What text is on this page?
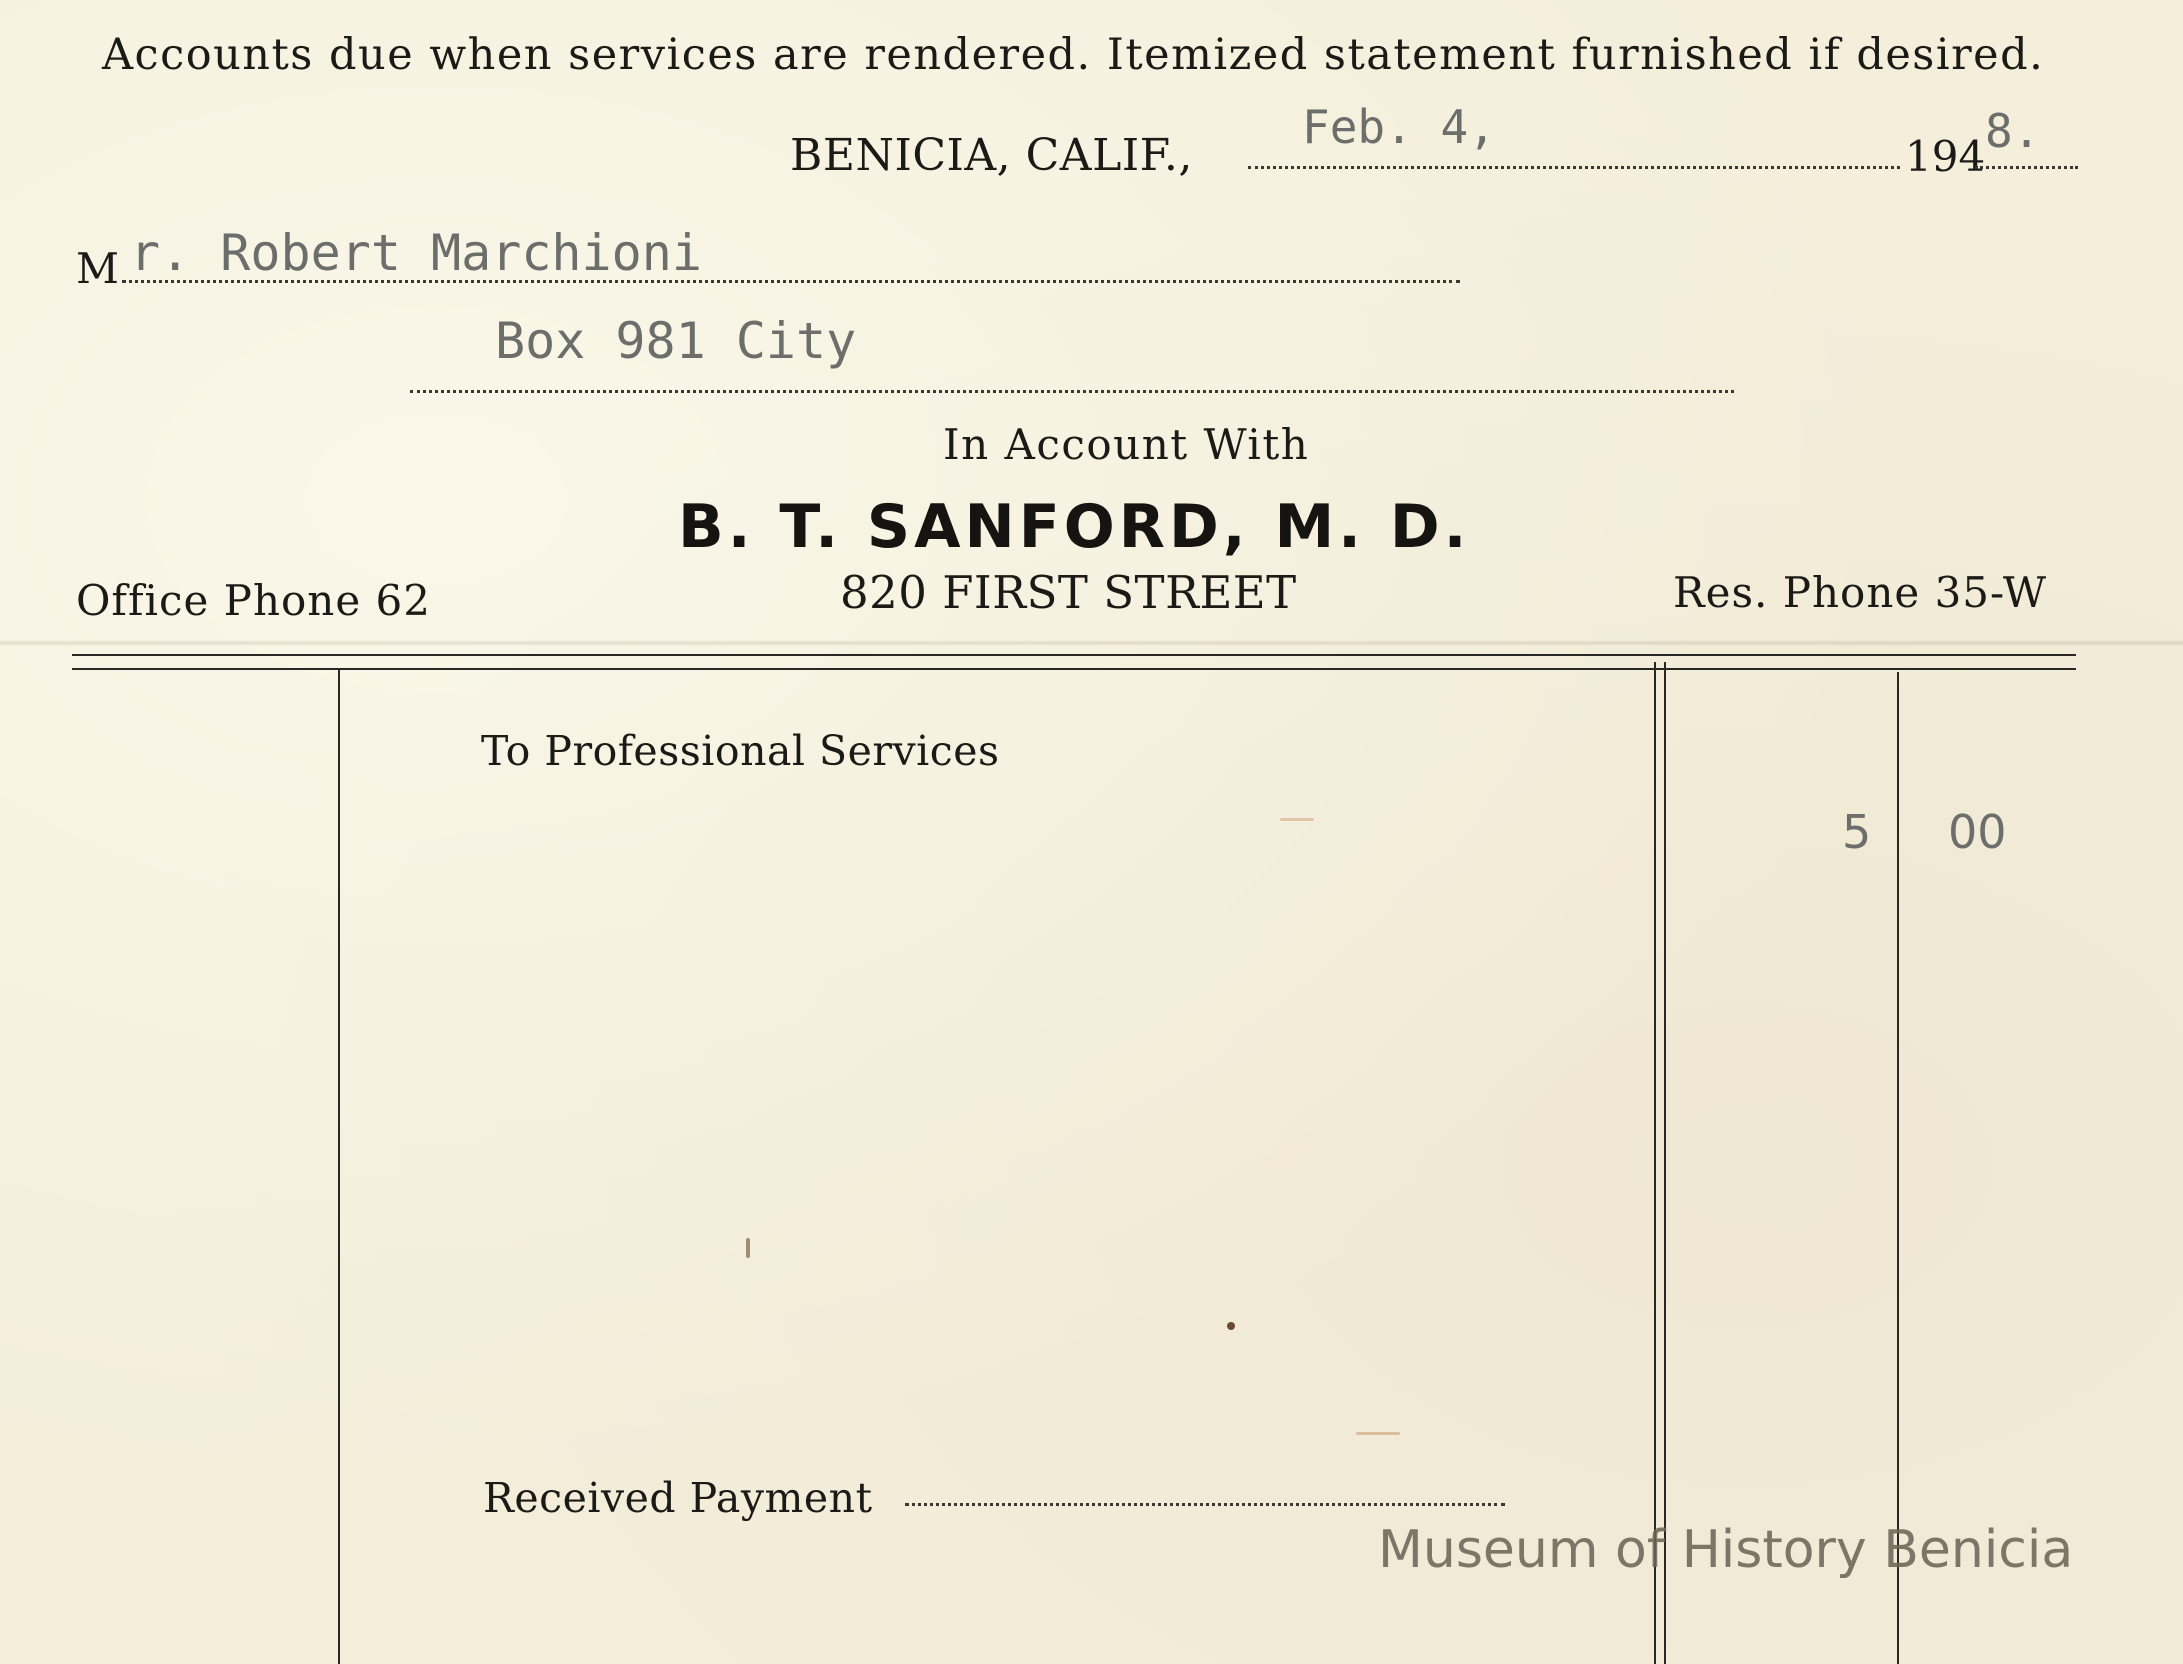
Accounts due when services are rendered. Itemized statement furnished if desired.
BENICIA, CALIF.,
Feb. 4,
194 8.
M r. Robert Marchioni
Box 981 City
In Account With
B. T. SANFORD, M. D.
Office Phone 62	820 FIRST STREET	Res. Phone 35-W
To Professional Services
5 00
Received Payment
Museum of History Benicia
